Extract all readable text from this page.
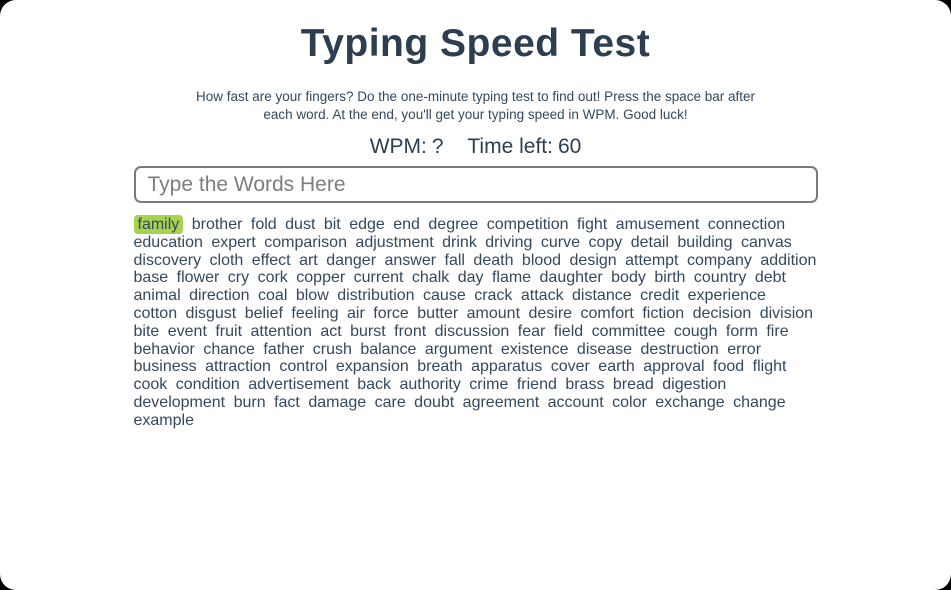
Typing Speed Test

How fast are your fingers? Do the one-minute typing test to find out! Press the space bar after each word. At the end, you'll get your typing speed in WPM. Good luck!

WPM: ? Time left: 60
Type the Words Here
family brother fold dust bit edge end degree competition fight amusement connection education expert comparison adjustment drink driving curve copy detail building canvas discovery cloth effect art danger answer fall death blood design attempt company addition base flower cry cork copper current chalk day flame daughter body birth country debt animal direction coal blow distribution cause crack attack distance credit experience cotton disgust belief feeling air force butter amount desire comfort fiction decision division bite event fruit attention act burst front discussion fear field committee cough form fire behavior chance father crush balance argument existence disease destruction error business attraction control expansion breath apparatus cover earth approval food flight cook condition advertisement back authority crime friend brass bread digestion development burn fact damage care doubt agreement account color exchange change example
